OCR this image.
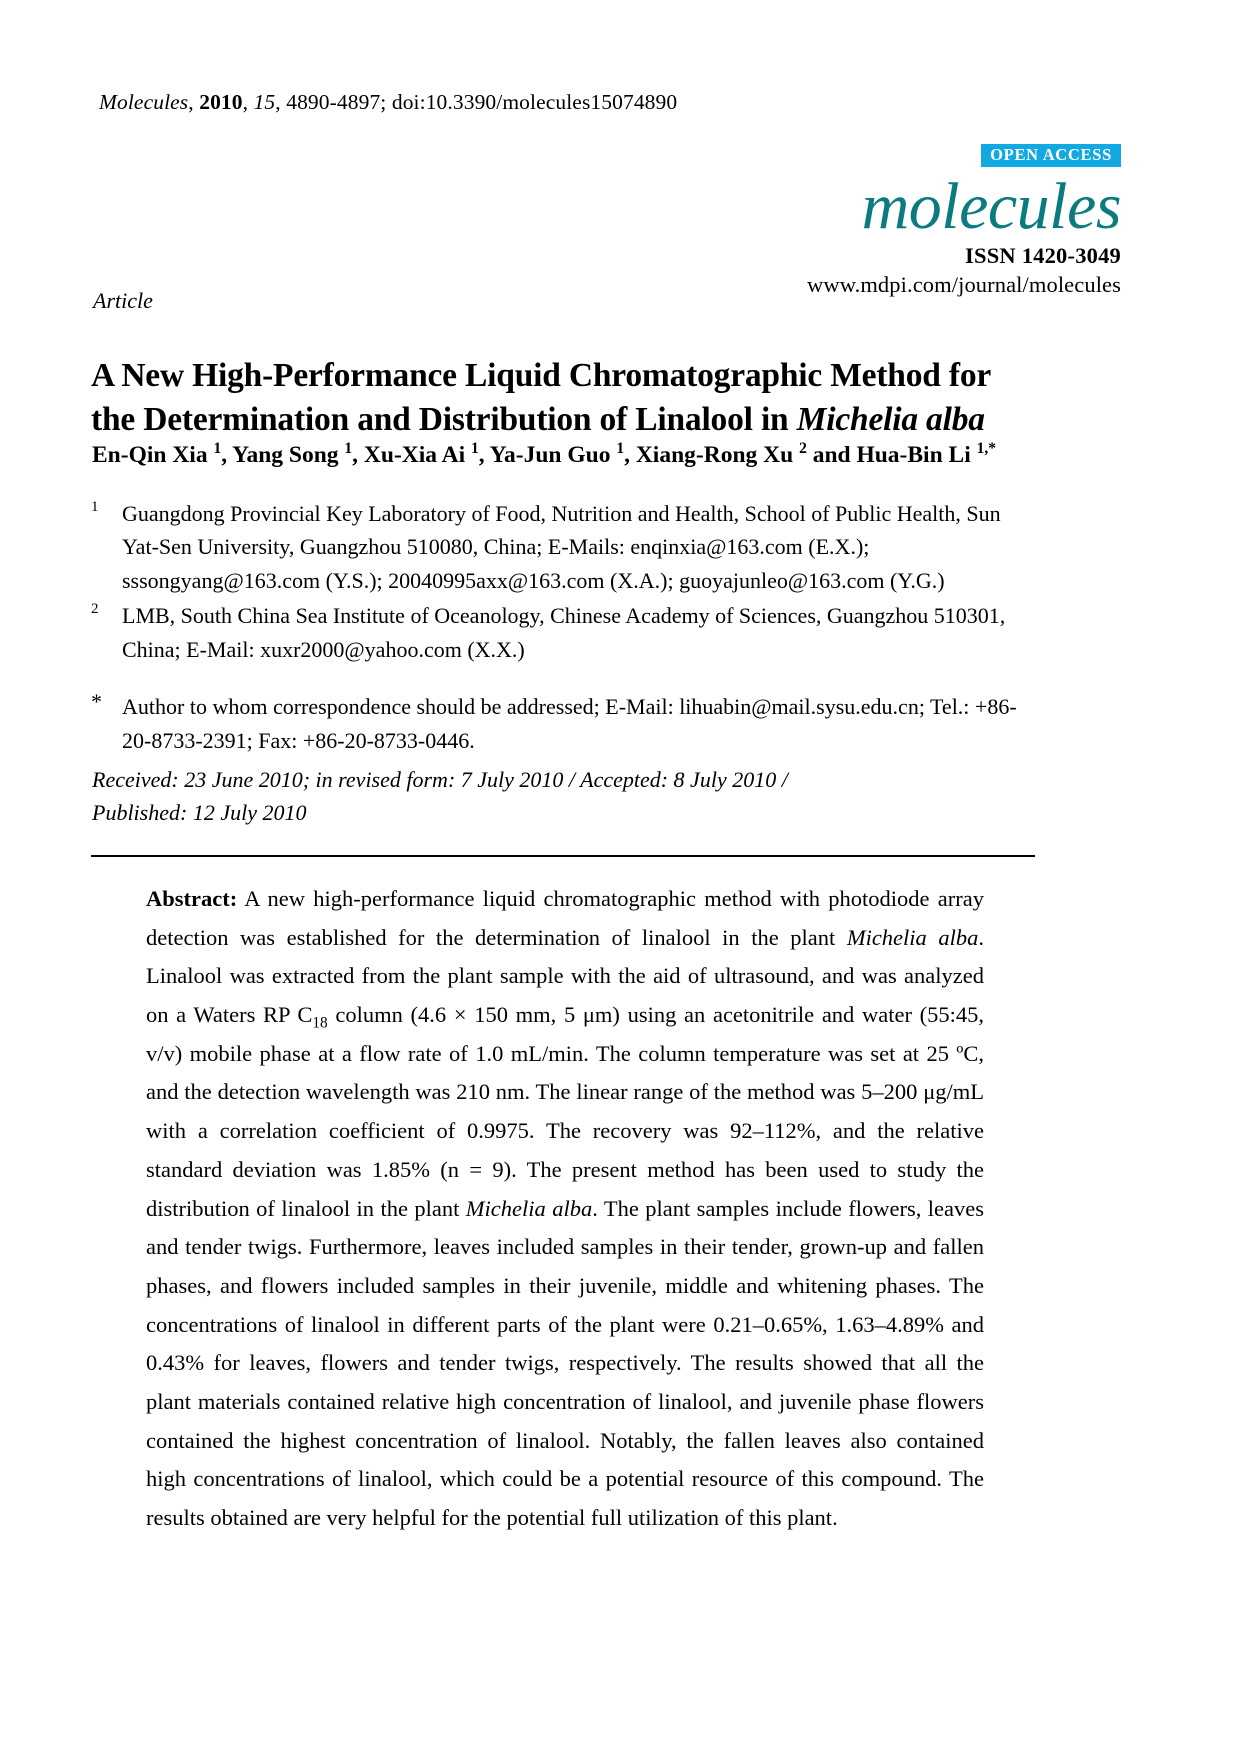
Molecules, 2010, 15, 4890-4897; doi:10.3390/molecules15074890
OPEN ACCESS
molecules
ISSN 1420-3049
www.mdpi.com/journal/molecules
Article
A New High-Performance Liquid Chromatographic Method for the Determination and Distribution of Linalool in Michelia alba
En-Qin Xia $^1$, Yang Song $^1$, Xu-Xia Ai $^1$, Ya-Jun Guo $^1$, Xiang-Rong Xu $^2$ and Hua-Bin Li $^{1,*}$
1	Guangdong Provincial Key Laboratory of Food, Nutrition and Health, School of Public Health, Sun Yat-Sen University, Guangzhou 510080, China; E-Mails: enqinxia@163.com (E.X.); sssongyang@163.com (Y.S.); 20040995axx@163.com (X.A.); guoyajunleo@163.com (Y.G.)
2	LMB, South China Sea Institute of Oceanology, Chinese Academy of Sciences, Guangzhou 510301, China; E-Mail: xuxr2000@yahoo.com (X.X.)
* Author to whom correspondence should be addressed; E-Mail: lihuabin@mail.sysu.edu.cn; Tel.: +86-20-8733-2391; Fax: +86-20-8733-0446.
Received: 23 June 2010; in revised form: 7 July 2010 / Accepted: 8 July 2010 /
Published: 12 July 2010
Abstract: A new high-performance liquid chromatographic method with photodiode array detection was established for the determination of linalool in the plant Michelia alba. Linalool was extracted from the plant sample with the aid of ultrasound, and was analyzed on a Waters RP $C_{18}$ column (4.6 × 150 mm, 5 μm) using an acetonitrile and water (55:45, v/v) mobile phase at a flow rate of 1.0 mL/min. The column temperature was set at 25 ºC, and the detection wavelength was 210 nm. The linear range of the method was 5–200 μg/mL with a correlation coefficient of 0.9975. The recovery was 92–112%, and the relative standard deviation was 1.85% (n = 9). The present method has been used to study the distribution of linalool in the plant Michelia alba. The plant samples include flowers, leaves and tender twigs. Furthermore, leaves included samples in their tender, grown-up and fallen phases, and flowers included samples in their juvenile, middle and whitening phases. The concentrations of linalool in different parts of the plant were 0.21–0.65%, 1.63–4.89% and 0.43% for leaves, flowers and tender twigs, respectively. The results showed that all the plant materials contained relative high concentration of linalool, and juvenile phase flowers contained the highest concentration of linalool. Notably, the fallen leaves also contained high concentrations of linalool, which could be a potential resource of this compound. The results obtained are very helpful for the potential full utilization of this plant.
